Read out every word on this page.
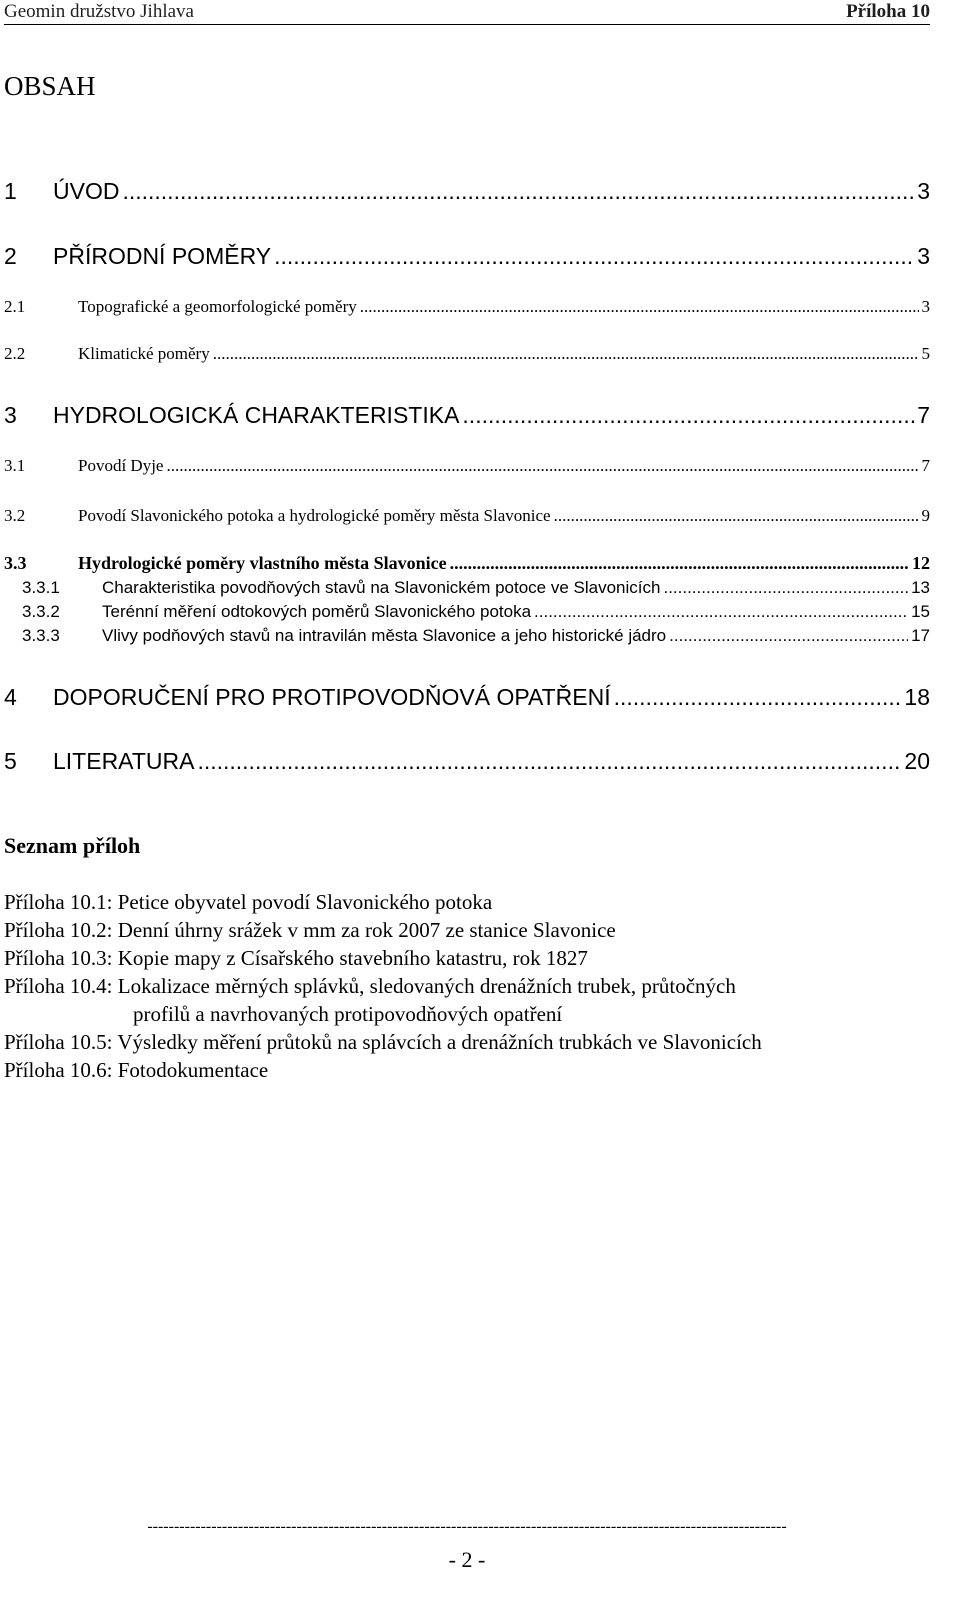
Geomin družstvo Jihlava	Příloha 10
OBSAH
1	ÚVOD .....	3
2	PŘÍRODNÍ POMĚRY .....	3
2.1	Topografické a geomorfologické poměry .....	3
2.2	Klimatické poměry .....	5
3	HYDROLOGICKÁ CHARAKTERISTIKA .....	7
3.1	Povodí Dyje .....	7
3.2	Povodí Slavonického potoka a hydrologické poměry města Slavonice .....	9
3.3	Hydrologické poměry vlastního města Slavonice .....	12
3.3.1	Charakteristika povodňových stavů na Slavonickém potoce ve Slavonicích .....	13
3.3.2	Terénní měření odtokových poměrů Slavonického potoka .....	15
3.3.3	Vlivy podňových stavů na intravilán města Slavonice a jeho historické jádro .....	17
4	DOPORUČENÍ PRO PROTIPOVODŇOVÁ OPATŘENÍ .....	18
5	LITERATURA .....	20
Seznam příloh
Příloha 10.1: Petice obyvatel povodí Slavonického potoka
Příloha 10.2: Denní úhrny srážek v mm za rok 2007 ze stanice Slavonice
Příloha 10.3: Kopie mapy z Císařského stavebního katastru, rok 1827
Příloha 10.4: Lokalizace měrných splávků, sledovaných drenážních trubek, průtočných
profilů a navrhovaných protipovodňových opatření
Příloha 10.5: Výsledky měření průtoků na splávcích a drenážních trubkách ve Slavonicích
Příloha 10.6: Fotodokumentace
------------------------------------------------------------------------------------------------------------------------
- 2 -
